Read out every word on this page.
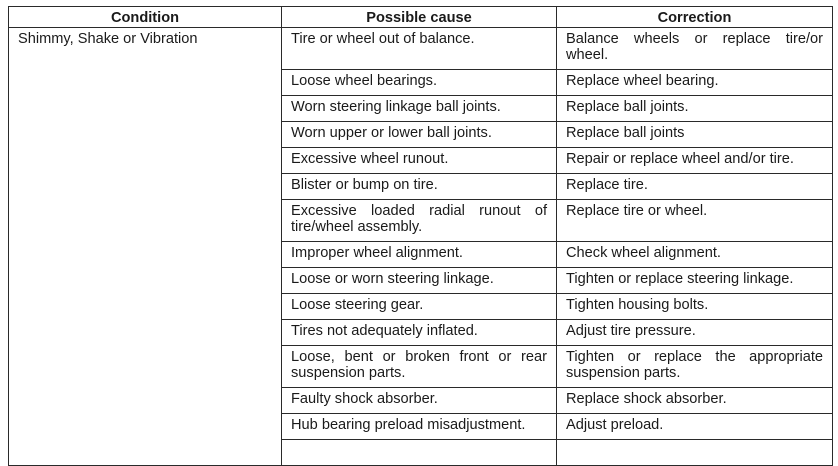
Condition	Possible cause	Correction
Shimmy, Shake or Vibration	Tire or wheel out of balance.	Balance wheels or replace tire/or wheel.
	Loose wheel bearings.	Replace wheel bearing.
	Worn steering linkage ball joints.	Replace ball joints.
	Worn upper or lower ball joints.	Replace ball joints
	Excessive wheel runout.	Repair or replace wheel and/or tire.
	Blister or bump on tire.	Replace tire.
	Excessive loaded radial runout of tire/wheel assembly.	Replace tire or wheel.
	Improper wheel alignment.	Check wheel alignment.
	Loose or worn steering linkage.	Tighten or replace steering linkage.
	Loose steering gear.	Tighten housing bolts.
	Tires not adequately inflated.	Adjust tire pressure.
	Loose, bent or broken front or rear suspension parts.	Tighten or replace the appropriate suspension parts.
	Faulty shock absorber.	Replace shock absorber.
	Hub bearing preload misadjustment.	Adjust preload.
